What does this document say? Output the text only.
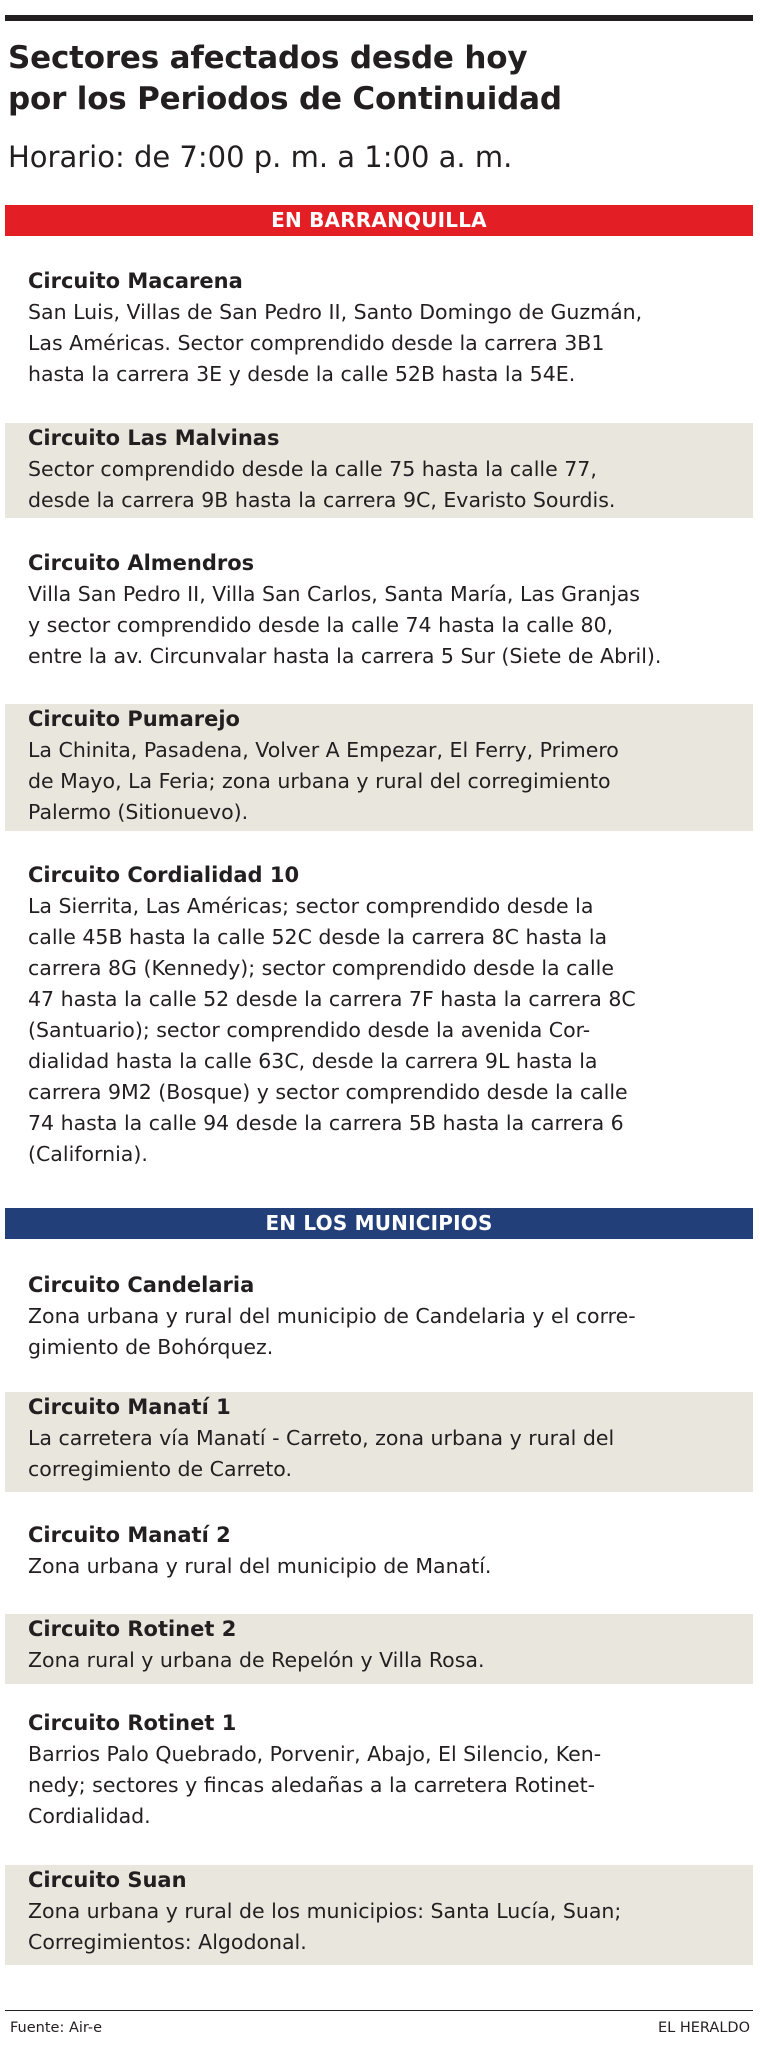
Sectores afectados desde hoy
por los Periodos de Continuidad

Horario: de 7:00 p. m. a 1:00 a. m.

EN BARRANQUILLA
Circuito Macarena
San Luis, Villas de San Pedro II, Santo Domingo de Guzmán,
Las Américas. Sector comprendido desde la carrera 3B1
hasta la carrera 3E y desde la calle 52B hasta la 54E.
Circuito Las Malvinas
Sector comprendido desde la calle 75 hasta la calle 77,
desde la carrera 9B hasta la carrera 9C, Evaristo Sourdis.
Circuito Almendros
Villa San Pedro II, Villa San Carlos, Santa María, Las Granjas
y sector comprendido desde la calle 74 hasta la calle 80,
entre la av. Circunvalar hasta la carrera 5 Sur (Siete de Abril).
Circuito Pumarejo
La Chinita, Pasadena, Volver A Empezar, El Ferry, Primero
de Mayo, La Feria; zona urbana y rural del corregimiento
Palermo (Sitionuevo).
Circuito Cordialidad 10
La Sierrita, Las Américas; sector comprendido desde la
calle 45B hasta la calle 52C desde la carrera 8C hasta la
carrera 8G (Kennedy); sector comprendido desde la calle
47 hasta la calle 52 desde la carrera 7F hasta la carrera 8C
(Santuario); sector comprendido desde la avenida Cor-
dialidad hasta la calle 63C, desde la carrera 9L hasta la
carrera 9M2 (Bosque) y sector comprendido desde la calle
74 hasta la calle 94 desde la carrera 5B hasta la carrera 6
(California).
EN LOS MUNICIPIOS
Circuito Candelaria
Zona urbana y rural del municipio de Candelaria y el corre-
gimiento de Bohórquez.
Circuito Manatí 1
La carretera vía Manatí - Carreto, zona urbana y rural del
corregimiento de Carreto.
Circuito Manatí 2
Zona urbana y rural del municipio de Manatí.
Circuito Rotinet 2
Zona rural y urbana de Repelón y Villa Rosa.
Circuito Rotinet 1
Barrios Palo Quebrado, Porvenir, Abajo, El Silencio, Ken-
nedy; sectores y fincas aledañas a la carretera Rotinet-
Cordialidad.
Circuito Suan
Zona urbana y rural de los municipios: Santa Lucía, Suan;
Corregimientos: Algodonal.
Fuente: Air-e	EL HERALDO
